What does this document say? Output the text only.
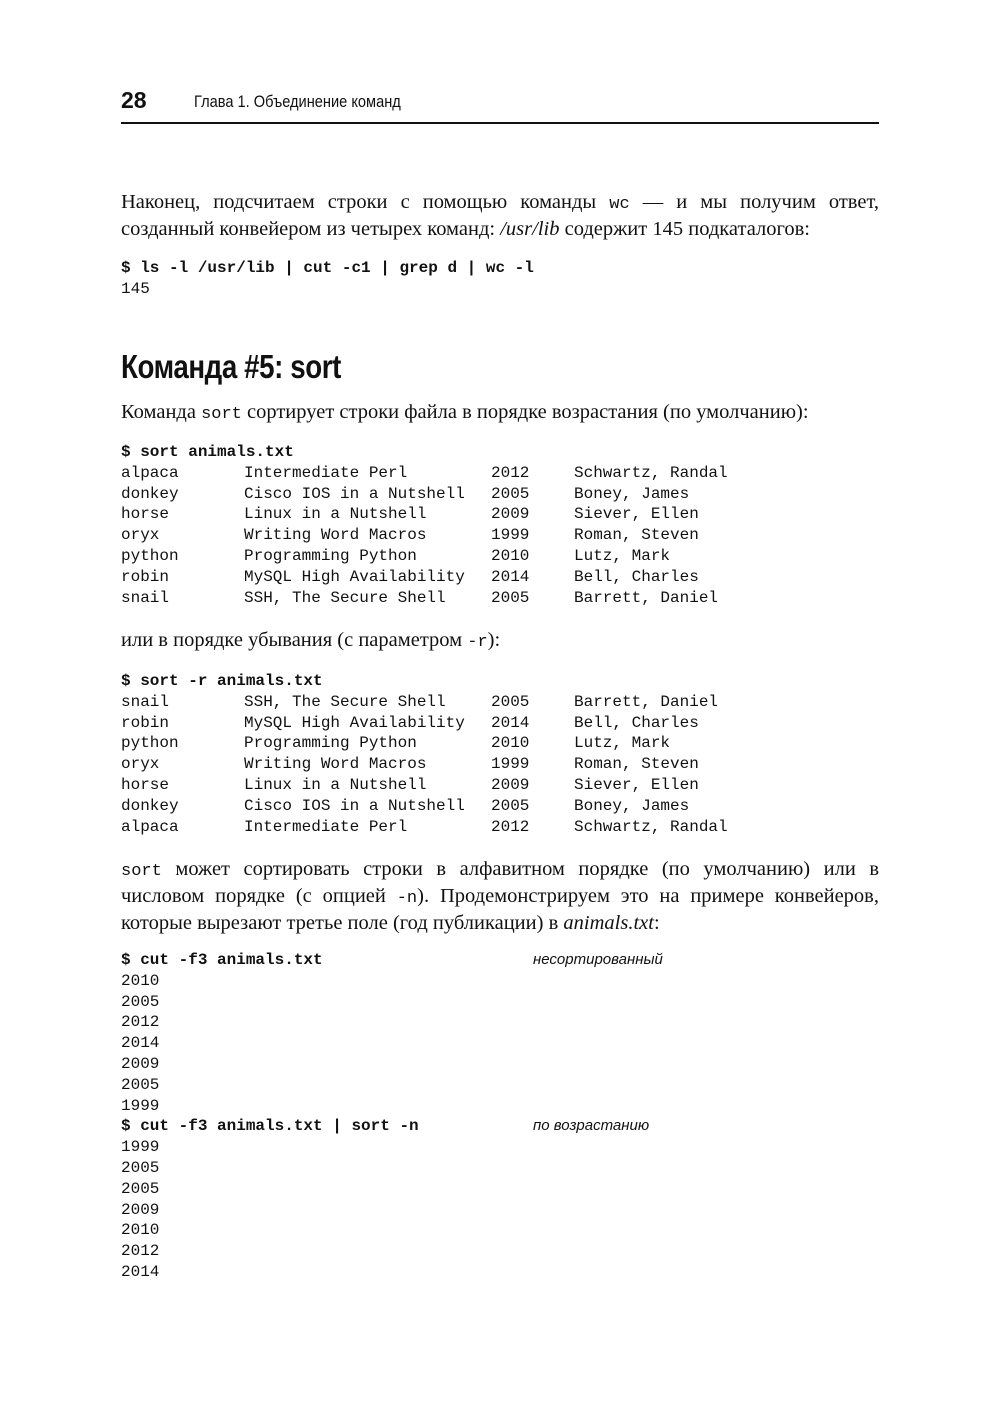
28	Глава 1. Объединение команд
Наконец, подсчитаем строки с помощью команды wc — и мы получим ответ, созданный конвейером из четырех команд: /usr/lib содержит 145 подкаталогов:
$ ls -l /usr/lib | cut -c1 | grep d | wc -l
145
Команда #5: sort
Команда sort сортирует строки файла в порядке возрастания (по умолчанию):
$ sort animals.txt
alpaca	Intermediate Perl	2012	Schwartz, Randal
donkey	Cisco IOS in a Nutshell 2005	Boney, James
horse	Linux in a Nutshell	2009	Siever, Ellen
oryx	Writing Word Macros	1999	Roman, Steven
python	Programming Python	2010	Lutz, Mark
robin	MySQL High Availability 2014	Bell, Charles
snail	SSH, The Secure Shell	2005	Barrett, Daniel
или в порядке убывания (с параметром -r):
$ sort -r animals.txt
snail	SSH, The Secure Shell	2005	Barrett, Daniel
robin	MySQL High Availability 2014	Bell, Charles
python	Programming Python	2010	Lutz, Mark
oryx	Writing Word Macros	1999	Roman, Steven
horse	Linux in a Nutshell	2009	Siever, Ellen
donkey	Cisco IOS in a Nutshell 2005	Boney, James
alpaca	Intermediate Perl	2012	Schwartz, Randal
sort может сортировать строки в алфавитном порядке (по умолчанию) или в числовом порядке (с опцией -n). Продемонстрируем это на примере конвейеров, которые вырезают третье поле (год публикации) в animals.txt:
$ cut -f3 animals.txt	несортированный
2010
2005
2012
2014
2009
2005
1999
$ cut -f3 animals.txt | sort -n	по возрастанию
1999
2005
2005
2009
2010
2012
2014
